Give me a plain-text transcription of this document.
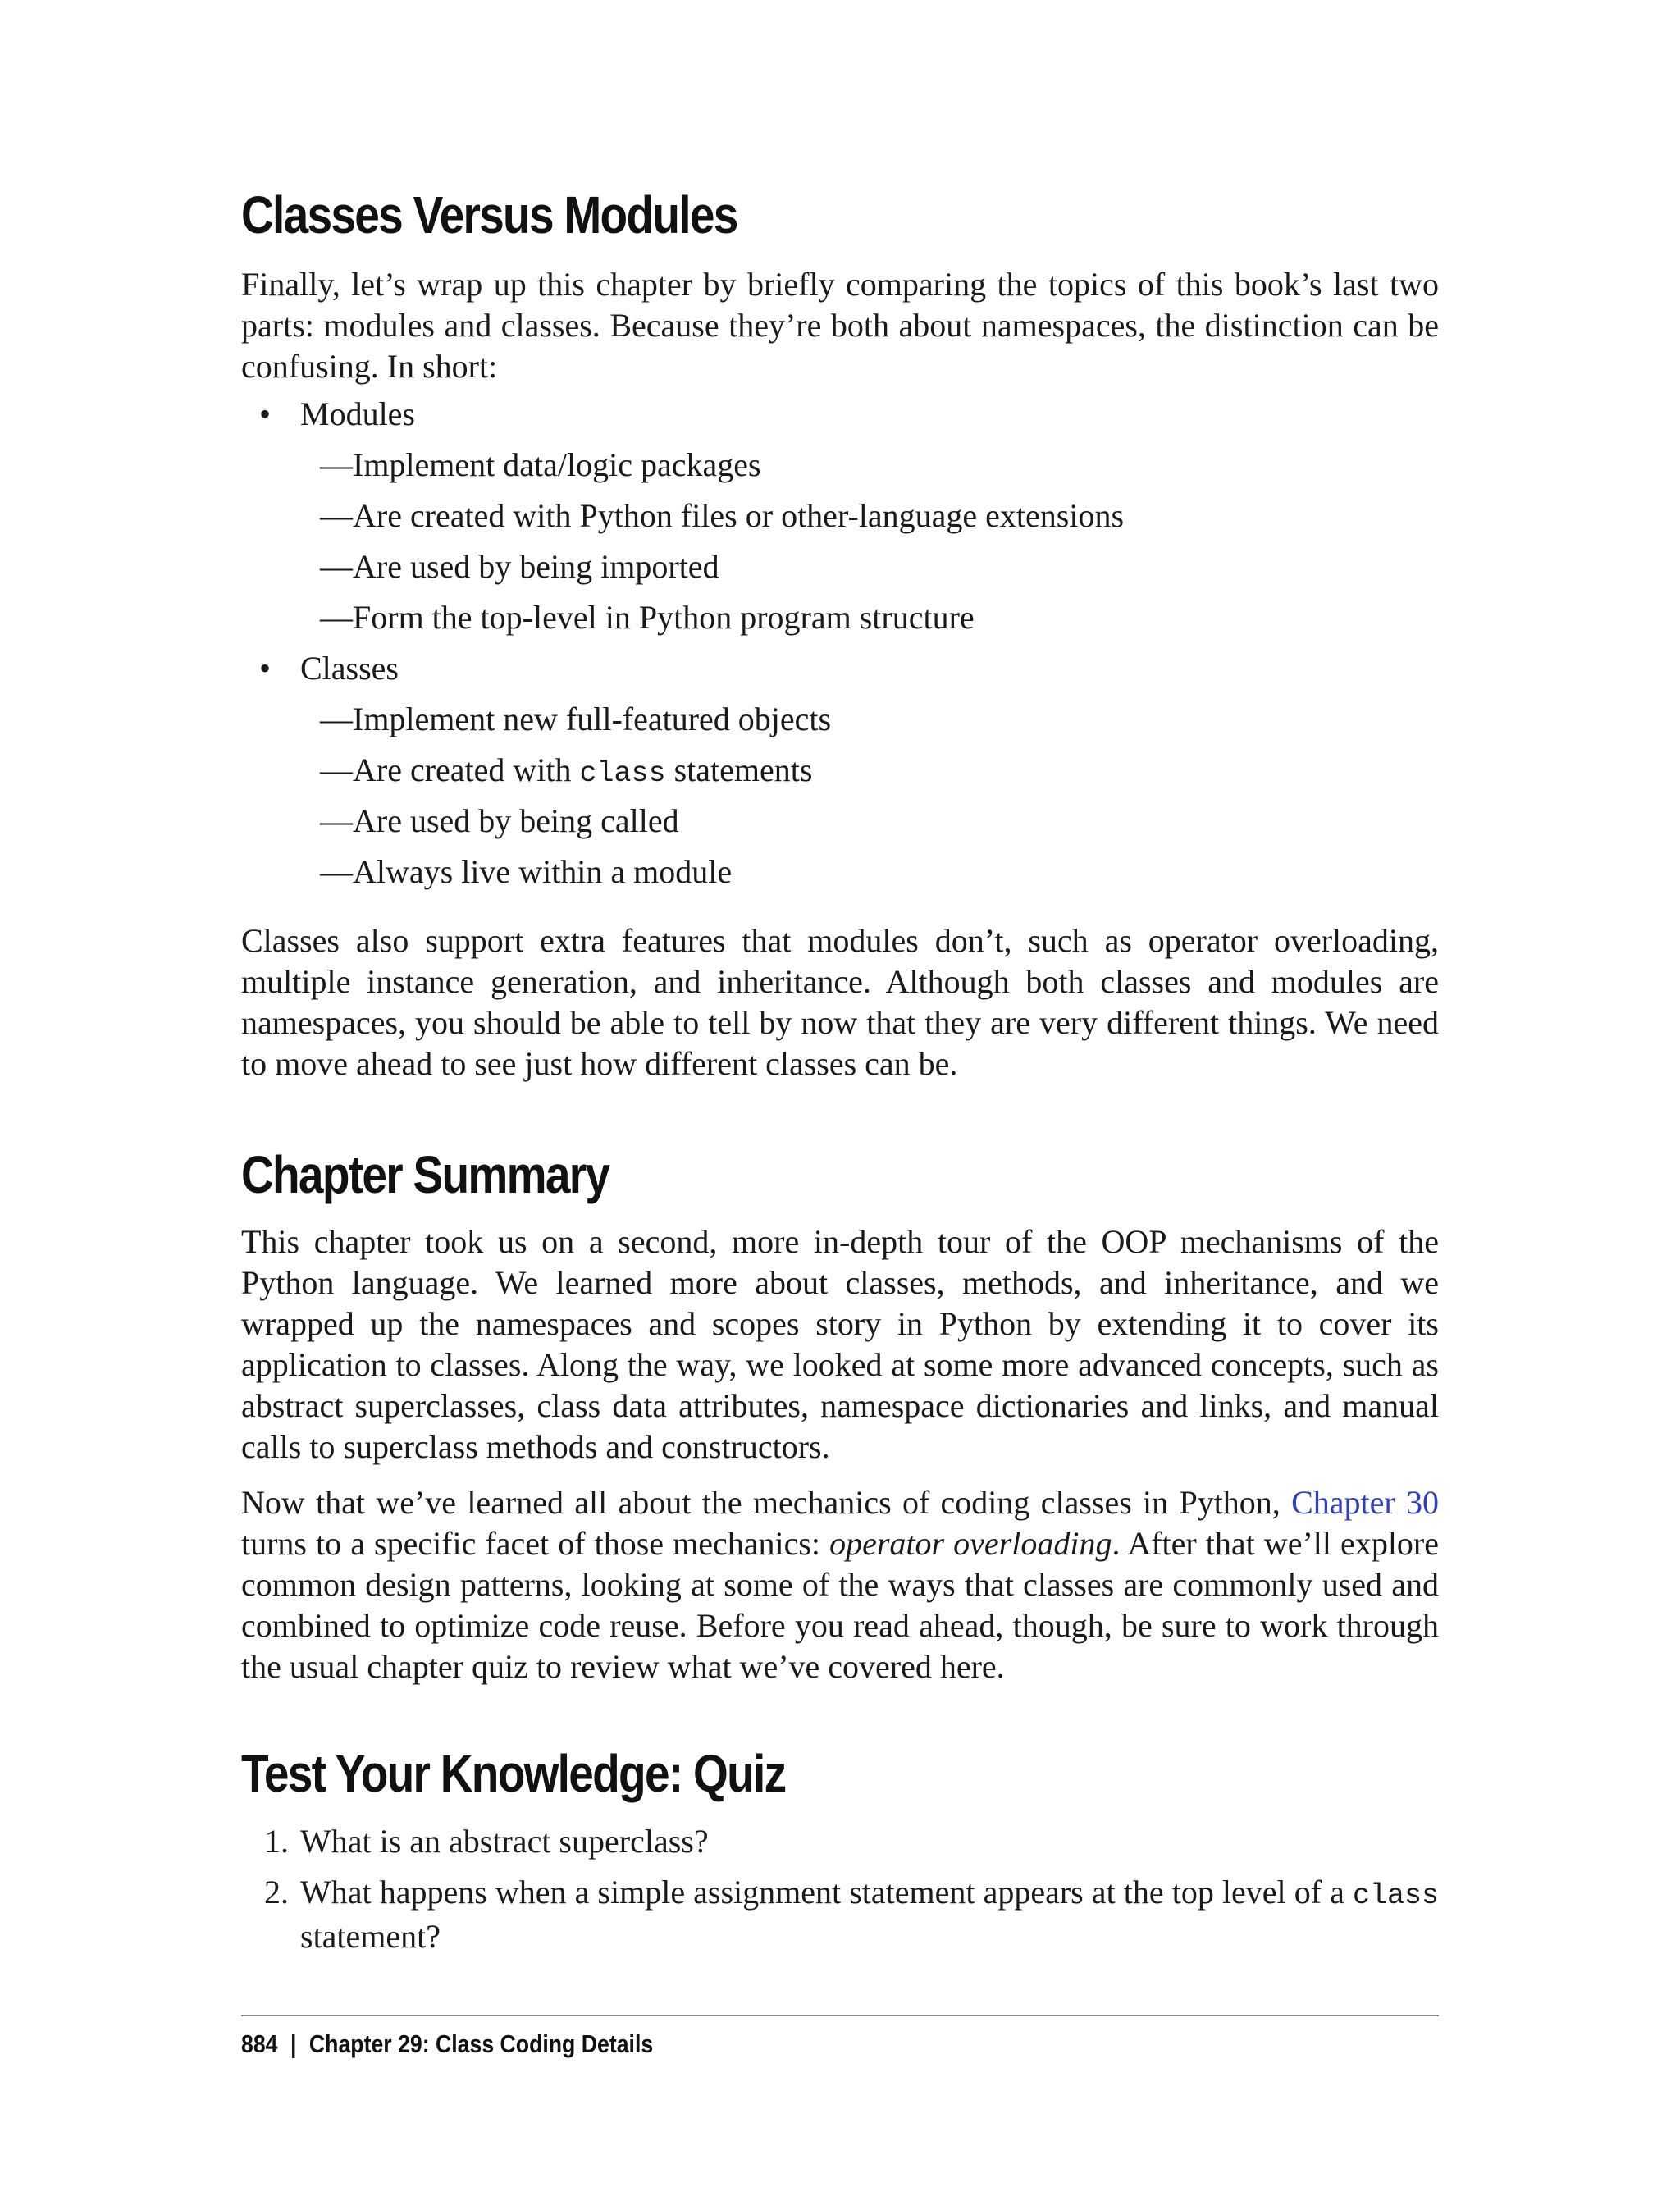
Classes Versus Modules

Finally, let’s wrap up this chapter by briefly comparing the topics of this book’s last two parts: modules and classes. Because they’re both about namespaces, the distinction can be confusing. In short:

• Modules
—Implement data/logic packages
—Are created with Python files or other-language extensions
—Are used by being imported
—Form the top-level in Python program structure
• Classes
—Implement new full-featured objects
—Are created with class statements
—Are used by being called
—Always live within a module

Classes also support extra features that modules don’t, such as operator overloading, multiple instance generation, and inheritance. Although both classes and modules are namespaces, you should be able to tell by now that they are very different things. We need to move ahead to see just how different classes can be.

Chapter Summary

This chapter took us on a second, more in-depth tour of the OOP mechanisms of the Python language. We learned more about classes, methods, and inheritance, and we wrapped up the namespaces and scopes story in Python by extending it to cover its application to classes. Along the way, we looked at some more advanced concepts, such as abstract superclasses, class data attributes, namespace dictionaries and links, and manual calls to superclass methods and constructors.

Now that we’ve learned all about the mechanics of coding classes in Python, Chapter 30 turns to a specific facet of those mechanics: operator overloading. After that we’ll explore common design patterns, looking at some of the ways that classes are commonly used and combined to optimize code reuse. Before you read ahead, though, be sure to work through the usual chapter quiz to review what we’ve covered here.

Test Your Knowledge: Quiz
1. What is an abstract superclass?
2. What happens when a simple assignment statement appears at the top level of a class statement?
884 | Chapter 29: Class Coding Details
